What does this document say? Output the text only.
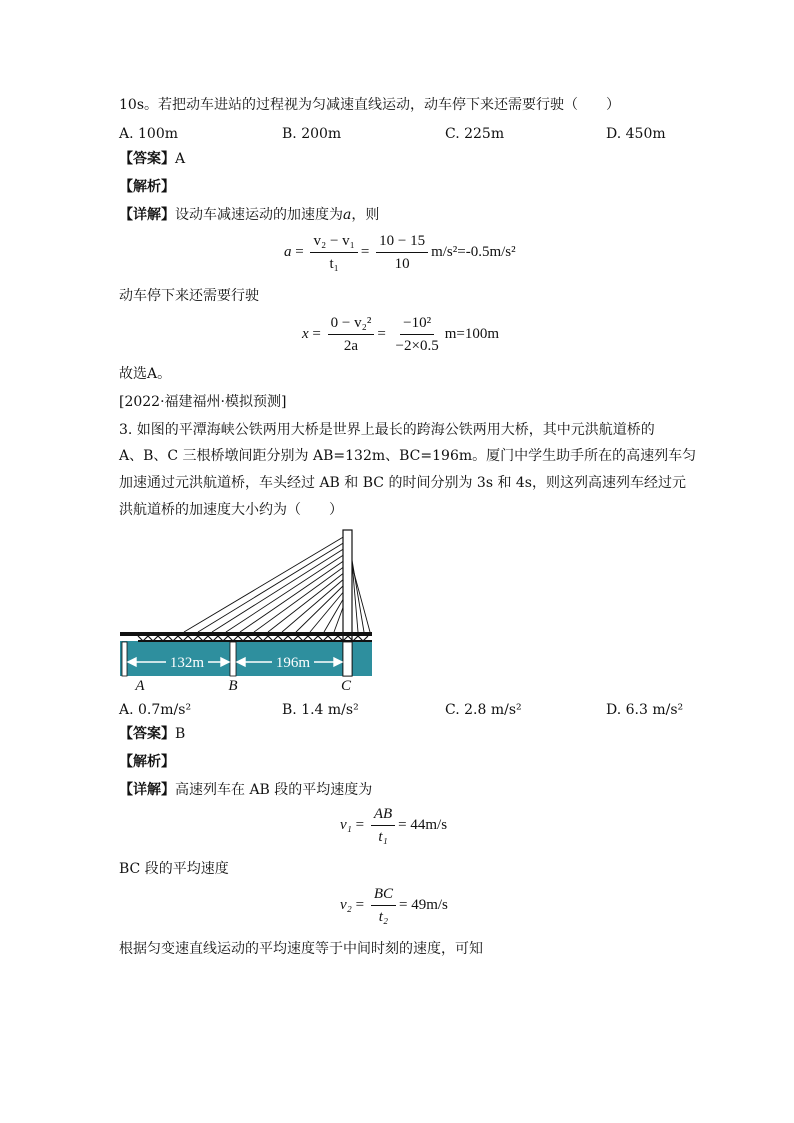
10s。若把动车进站的过程视为匀减速直线运动，动车停下来还需要行驶（　　）
A. 100m	B. 200m	C. 225m	D. 450m
【答案】A
【解析】
【详解】设动车减速运动的加速度为a，则
$a = \frac{\text{v₂ − v₁}}{\text{t₁}} = \frac{10 - 15}{10} m/s^2=-0.5m/s^2$
动车停下来还需要行驶
$x = \frac{\text{0 − v₂²}}{2a} = \frac{\text{−10²}}{-2\times 0.5} m=100m$
故选A。
[2022·福建福州·模拟预测]
3. 如图的平潭海峡公铁两用大桥是世界上最长的跨海公铁两用大桥，其中元洪航道桥的
A、B、C 三根桥墩间距分别为 AB=132m、BC=196m。厦门中学生助手所在的高速列车匀
加速通过元洪航道桥，车头经过 AB 和 BC 的时间分别为 3s 和 4s，则这列高速列车经过元
洪航道桥的加速度大小约为（　　）
132m	196m
A	B	C
A. 0.7m/s²	B. 1.4 m/s²	C. 2.8 m/s²	D. 6.3 m/s²
【答案】B
【解析】
【详解】高速列车在 AB 段的平均速度为
$v_1 = \frac{AB}{\text{t₁}} = 44m/s$
BC 段的平均速度
$v_2 = \frac{BC}{\text{t₂}} = 49m/s$
根据匀变速直线运动的平均速度等于中间时刻的速度，可知
